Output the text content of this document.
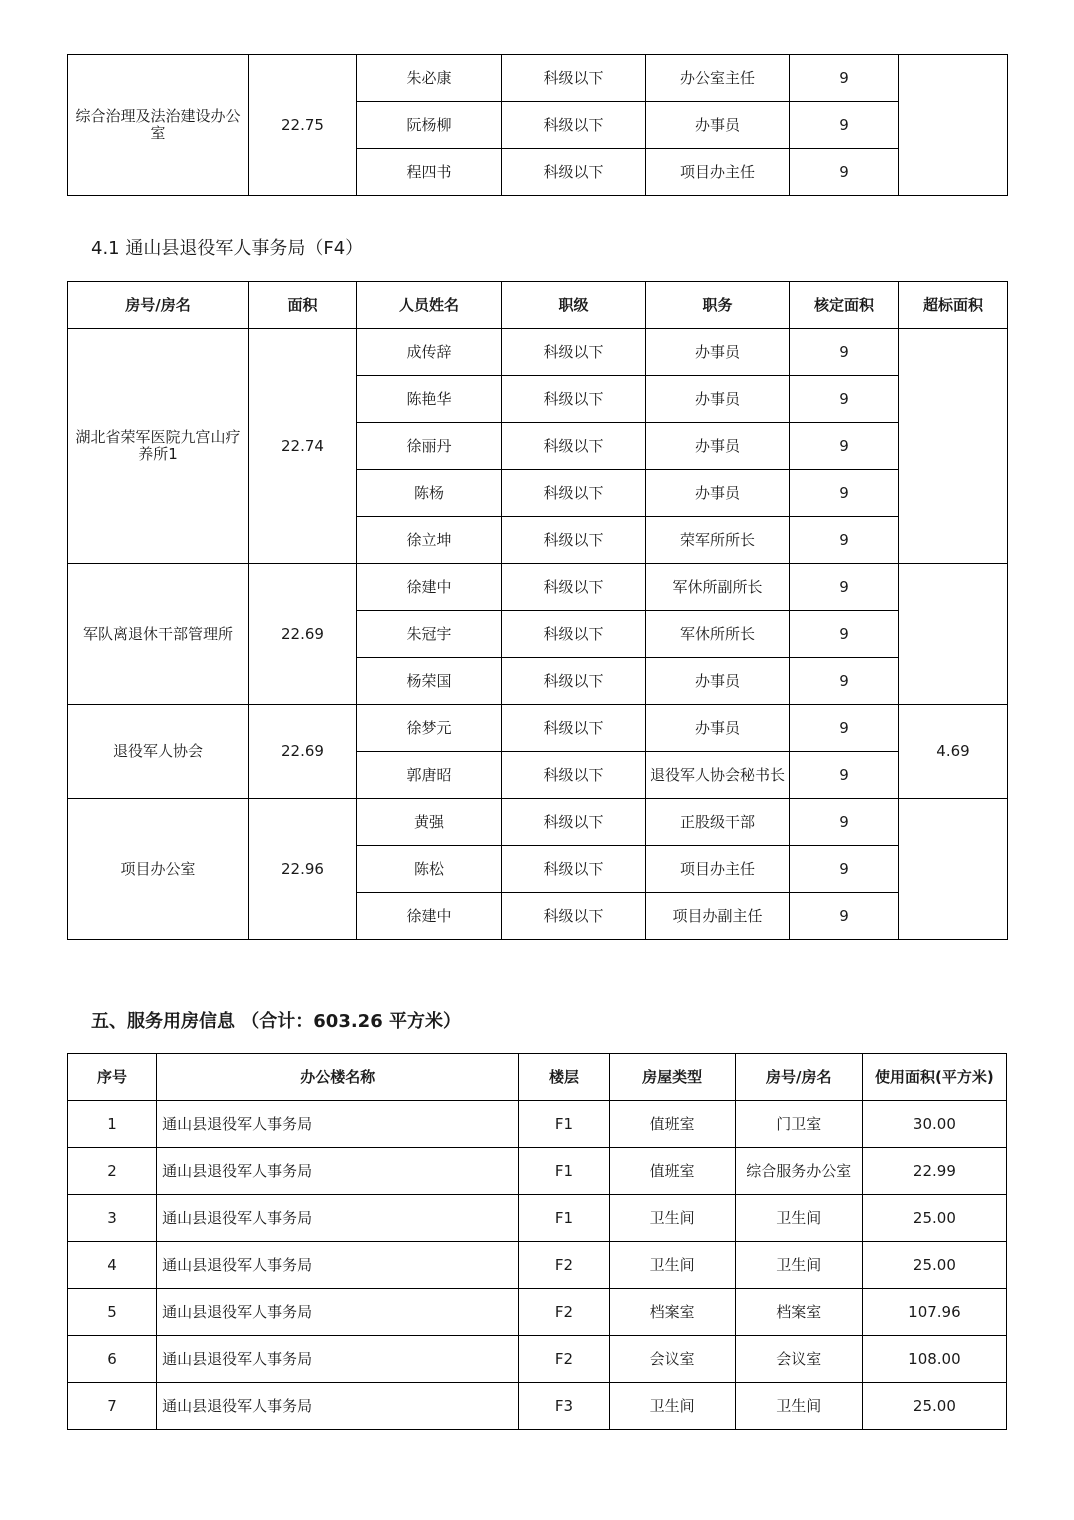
综合治理及法治建设办公室	22.75	朱必康	科级以下	办公室主任	9	
		阮杨柳	科级以下	办事员	9	
		程四书	科级以下	项目办主任	9	
4.1 通山县退役军人事务局（F4）
房号/房名	面积	人员姓名	职级	职务	核定面积	超标面积
湖北省荣军医院九宫山疗养所1	22.74	成传辞	科级以下	办事员	9	
		陈艳华	科级以下	办事员	9	
		徐丽丹	科级以下	办事员	9	
		陈杨	科级以下	办事员	9	
		徐立坤	科级以下	荣军所所长	9	
军队离退休干部管理所	22.69	徐建中	科级以下	军休所副所长	9	
		朱冠宇	科级以下	军休所所长	9	
		杨荣国	科级以下	办事员	9	
退役军人协会	22.69	徐梦元	科级以下	办事员	9	4.69
		郭唐昭	科级以下	退役军人协会秘书长	9	
项目办公室	22.96	黄强	科级以下	正股级干部	9	
		陈松	科级以下	项目办主任	9	
		徐建中	科级以下	项目办副主任	9	
五、服务用房信息 （合计：603.26 平方米）
序号	办公楼名称	楼层	房屋类型	房号/房名	使用面积(平方米)
1	通山县退役军人事务局	F1	值班室	门卫室	30.00
2	通山县退役军人事务局	F1	值班室	综合服务办公室	22.99
3	通山县退役军人事务局	F1	卫生间	卫生间	25.00
4	通山县退役军人事务局	F2	卫生间	卫生间	25.00
5	通山县退役军人事务局	F2	档案室	档案室	107.96
6	通山县退役军人事务局	F2	会议室	会议室	108.00
7	通山县退役军人事务局	F3	卫生间	卫生间	25.00
